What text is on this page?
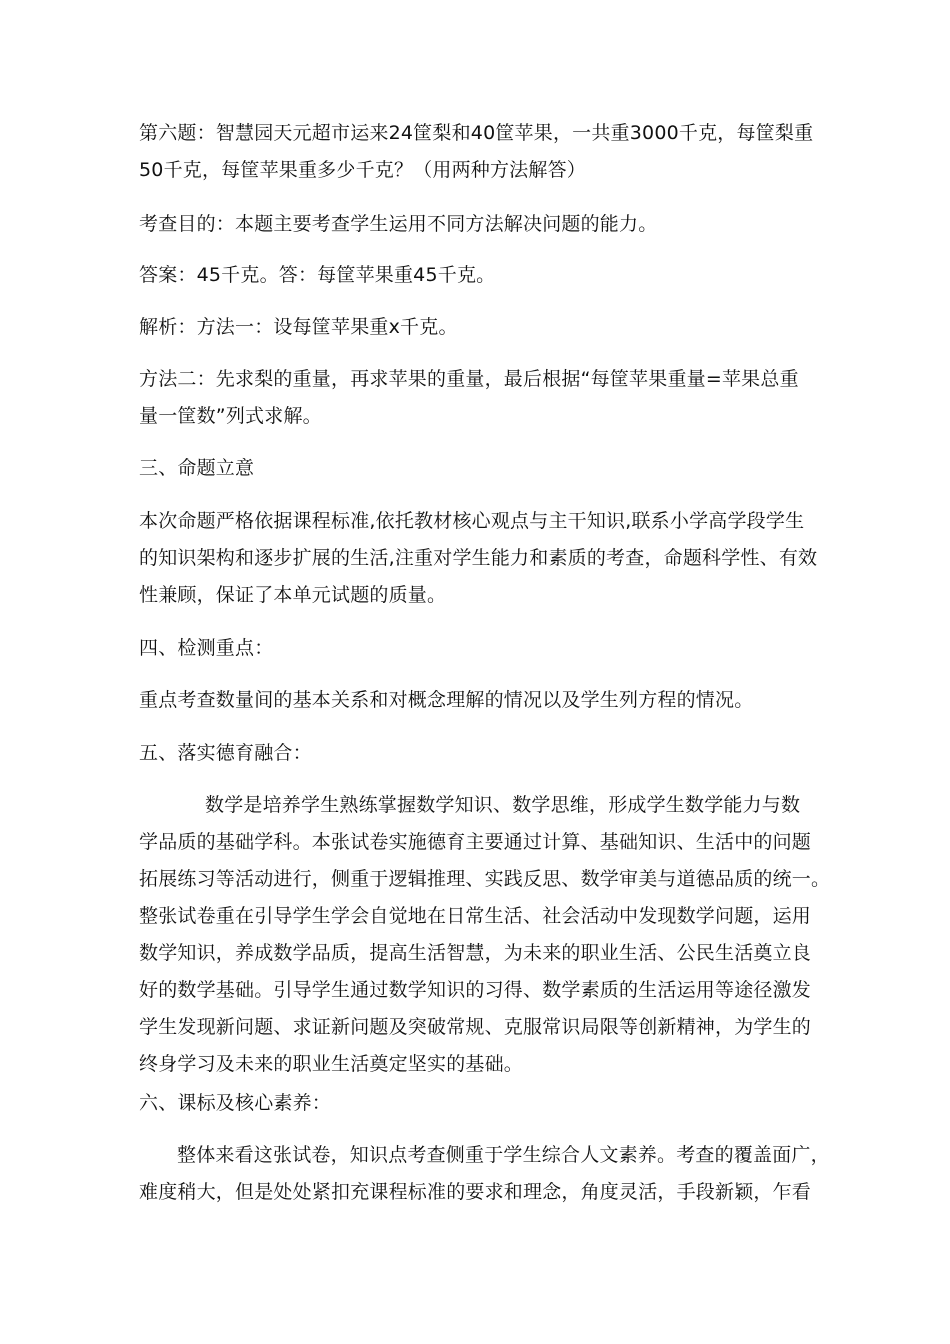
第六题：智慧园天元超市运来24筐梨和40筐苹果，一共重3000千克，每筐梨重
50千克，每筐苹果重多少千克？（用两种方法解答）
考查目的：本题主要考查学生运用不同方法解决问题的能力。
答案：45千克。答：每筐苹果重45千克。
解析：方法一：设每筐苹果重x千克。
方法二：先求梨的重量，再求苹果的重量，最后根据“每筐苹果重量=苹果总重
量一筐数”列式求解。
三、命题立意
本次命题严格依据课程标准,依托教材核心观点与主干知识,联系小学高学段学生
的知识架构和逐步扩展的生活,注重对学生能力和素质的考查，命题科学性、有效
性兼顾，保证了本单元试题的质量。
四、检测重点：
重点考查数量间的基本关系和对概念理解的情况以及学生列方程的情况。
五、落实德育融合：
数学是培养学生熟练掌握数学知识、数学思维，形成学生数学能力与数
学品质的基础学科。本张试卷实施德育主要通过计算、基础知识、生活中的问题
拓展练习等活动进行，侧重于逻辑推理、实践反思、数学审美与道德品质的统一。
整张试卷重在引导学生学会自觉地在日常生活、社会活动中发现数学问题，运用
数学知识，养成数学品质，提高生活智慧，为未来的职业生活、公民生活奠立良
好的数学基础。引导学生通过数学知识的习得、数学素质的生活运用等途径激发
学生发现新问题、求证新问题及突破常规、克服常识局限等创新精神，为学生的
终身学习及未来的职业生活奠定坚实的基础。
六、课标及核心素养：
整体来看这张试卷，知识点考查侧重于学生综合人文素养。考查的覆盖面广，
难度稍大，但是处处紧扣充课程标准的要求和理念，角度灵活，手段新颖，乍看
